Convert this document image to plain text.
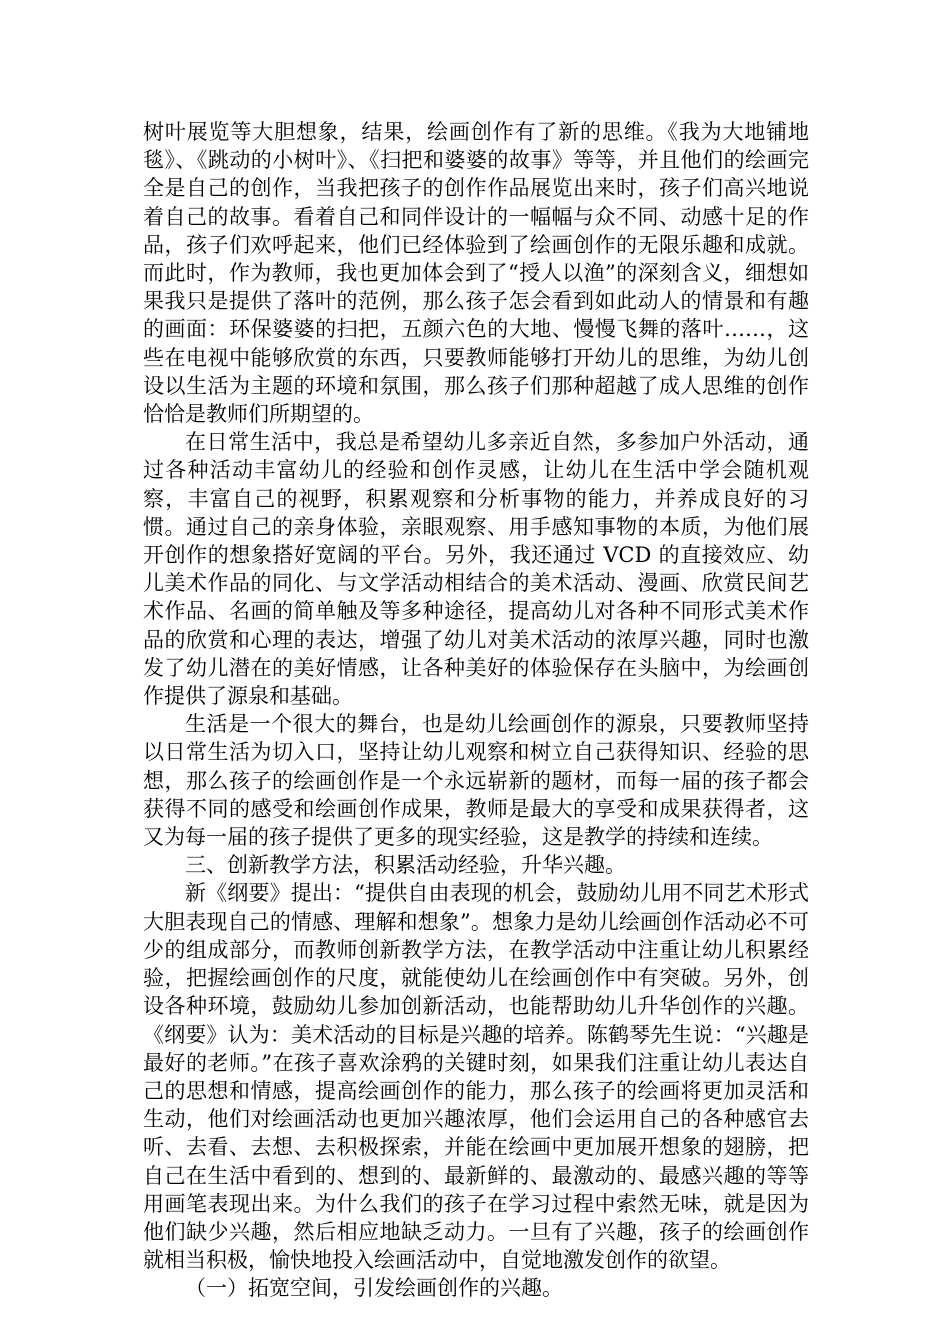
树叶展览等大胆想象，结果，绘画创作有了新的思维。《我为大地铺地毯》、《跳动的小树叶》、《扫把和婆婆的故事》等等，并且他们的绘画完全是自己的创作，当我把孩子的创作作品展览出来时，孩子们高兴地说着自己的故事。看着自己和同伴设计的一幅幅与众不同、动感十足的作品，孩子们欢呼起来，他们已经体验到了绘画创作的无限乐趣和成就。而此时，作为教师，我也更加体会到了“授人以渔”的深刻含义，细想如果我只是提供了落叶的范例，那么孩子怎会看到如此动人的情景和有趣的画面：环保婆婆的扫把，五颜六色的大地、慢慢飞舞的落叶……，这些在电视中能够欣赏的东西，只要教师能够打开幼儿的思维，为幼儿创设以生活为主题的环境和氛围，那么孩子们那种超越了成人思维的创作恰恰是教师们所期望的。

在日常生活中，我总是希望幼儿多亲近自然，多参加户外活动，通过各种活动丰富幼儿的经验和创作灵感，让幼儿在生活中学会随机观察，丰富自己的视野，积累观察和分析事物的能力，并养成良好的习惯。通过自己的亲身体验，亲眼观察、用手感知事物的本质，为他们展开创作的想象搭好宽阔的平台。另外，我还通过 VCD 的直接效应、幼儿美术作品的同化、与文学活动相结合的美术活动、漫画、欣赏民间艺术作品、名画的简单触及等多种途径，提高幼儿对各种不同形式美术作品的欣赏和心理的表达，增强了幼儿对美术活动的浓厚兴趣，同时也激发了幼儿潜在的美好情感，让各种美好的体验保存在头脑中，为绘画创作提供了源泉和基础。

生活是一个很大的舞台，也是幼儿绘画创作的源泉，只要教师坚持以日常生活为切入口，坚持让幼儿观察和树立自己获得知识、经验的思想，那么孩子的绘画创作是一个永远崭新的题材，而每一届的孩子都会获得不同的感受和绘画创作成果，教师是最大的享受和成果获得者，这又为每一届的孩子提供了更多的现实经验，这是教学的持续和连续。

三、创新教学方法，积累活动经验，升华兴趣。

新《纲要》提出：“提供自由表现的机会，鼓励幼儿用不同艺术形式大胆表现自己的情感、理解和想象”。想象力是幼儿绘画创作活动必不可少的组成部分，而教师创新教学方法，在教学活动中注重让幼儿积累经验，把握绘画创作的尺度，就能使幼儿在绘画创作中有突破。另外，创设各种环境，鼓励幼儿参加创新活动，也能帮助幼儿升华创作的兴趣。《纲要》认为：美术活动的目标是兴趣的培养。陈鹤琴先生说：“兴趣是最好的老师。”在孩子喜欢涂鸦的关键时刻，如果我们注重让幼儿表达自己的思想和情感，提高绘画创作的能力，那么孩子的绘画将更加灵活和生动，他们对绘画活动也更加兴趣浓厚，他们会运用自己的各种感官去听、去看、去想、去积极探索，并能在绘画中更加展开想象的翅膀，把自己在生活中看到的、想到的、最新鲜的、最激动的、最感兴趣的等等用画笔表现出来。为什么我们的孩子在学习过程中索然无味，就是因为他们缺少兴趣，然后相应地缺乏动力。一旦有了兴趣，孩子的绘画创作就相当积极，愉快地投入绘画活动中，自觉地激发创作的欲望。

（一）拓宽空间，引发绘画创作的兴趣。
